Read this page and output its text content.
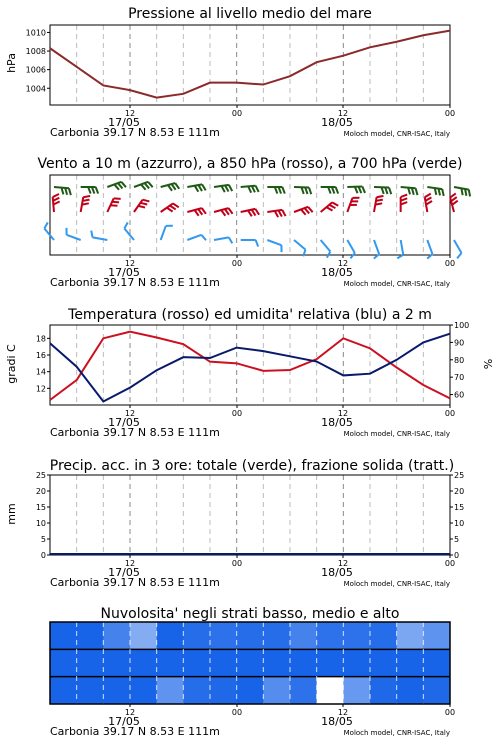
Pressione al livello medio del mare
Vento a 10 m (azzurro), a 850 hPa (rosso), a 700 hPa (verde)
Temperatura (rosso) ed umidita' relativa (blu) a 2 m
Precip. acc. in 3 ore: totale (verde), frazione solida (tratt.)
Nuvolosita' negli strati basso, medio e alto
hPa
gradi C	%
mm
12	00	12	00
17/05	18/05
Carbonia 39.17 N 8.53 E 111m	Moloch model, CNR-ISAC, Italy
12	00	12	00
17/05	18/05
Carbonia 39.17 N 8.53 E 111m	Moloch model, CNR-ISAC, Italy
12	00	12	00
17/05	18/05
Carbonia 39.17 N 8.53 E 111m	Moloch model, CNR-ISAC, Italy
12	00	12	00
17/05	18/05
Carbonia 39.17 N 8.53 E 111m	Moloch model, CNR-ISAC, Italy
12	00	12	00
17/05	18/05
Carbonia 39.17 N 8.53 E 111m	Moloch model, CNR-ISAC, Italy
1004
1006
1008
1010
12
14
16
18
60
70
80
90
100
0	0
5	5
10	10
15	15
20	20
25	25
